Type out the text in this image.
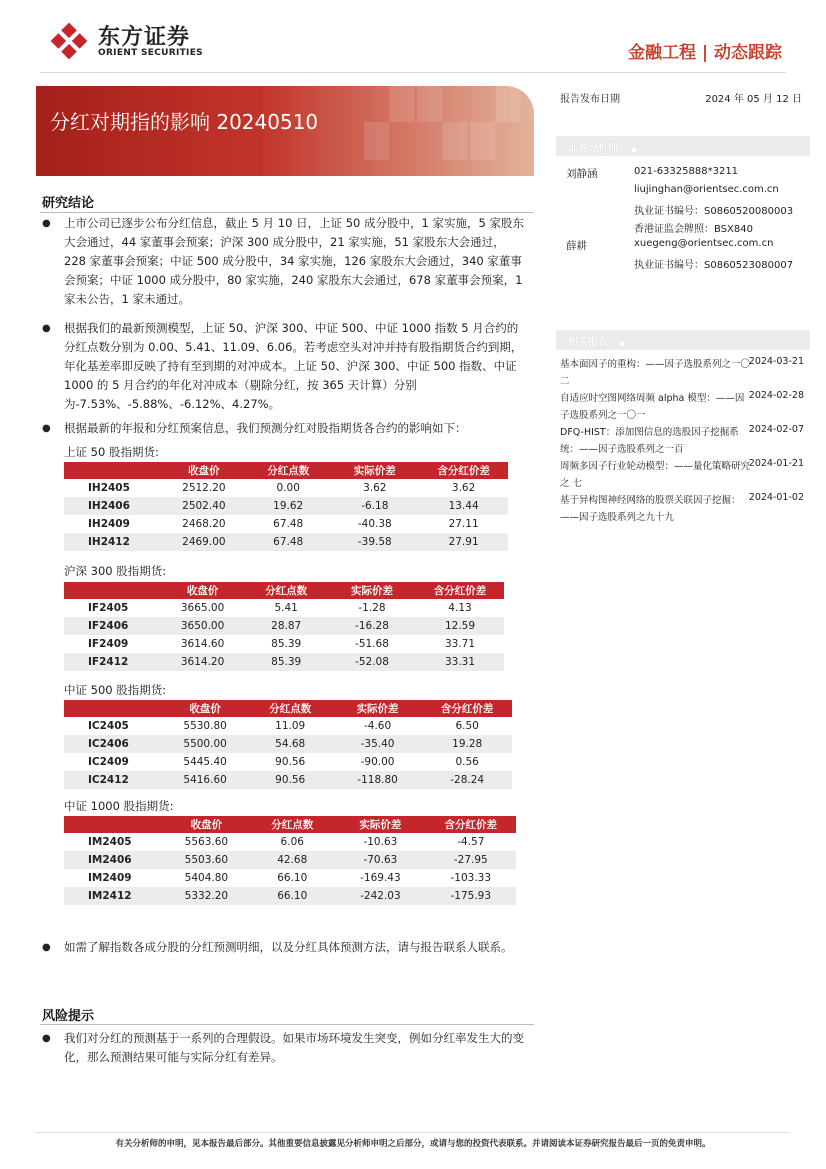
东方证券
ORIENT SECURITIES	金融工程 | 动态跟踪
▞▚▞
分红对期指的影响 20240510
报告发布日期	2024 年 05 月 12 日
证券分析师
刘静涵	021-63325888*3211
liujinghan@orientsec.com.cn
执业证书编号：S0860520080003
香港证监会牌照：BSX840
薛耕	xuegeng@orientsec.com.cn
执业证书编号：S0860523080007
相关报告
基本面因子的重构：——因子选股系列之一〇二
2024-03-21
自适应时空图网络周频 alpha 模型：——因子选股系列之一〇一
2024-02-28
DFQ-HIST：添加图信息的选股因子挖掘系统：——因子选股系列之一百
2024-02-07
周频多因子行业轮动模型：——量化策略研究之 七
2024-01-21
基于异构图神经网络的股票关联因子挖掘：——因子选股系列之九十九
2024-01-02
研究结论
● 上市公司已逐步公布分红信息，截止 5 月 10 日，上证 50 成分股中，1 家实施，5 家股东大会通过，44 家董事会预案；沪深 300 成分股中，21 家实施，51 家股东大会通过，228 家董事会预案；中证 500 成分股中，34 家实施，126 家股东大会通过，340 家董事会预案；中证 1000 成分股中，80 家实施，240 家股东大会通过，678 家董事会预案，1 家未公告，1 家未通过。
● 根据我们的最新预测模型，上证 50、沪深 300、中证 500、中证 1000 指数 5 月合约的分红点数分别为 0.00、5.41、11.09、6.06。若考虑空头对冲并持有股指期货合约到期，年化基差率即反映了持有至到期的对冲成本。上证 50、沪深 300、中证 500 指数、中证 1000 的 5 月合约的年化对冲成本（剔除分红，按 365 天计算）分别为-7.53%、-5.88%、-6.12%、4.27%。
● 根据最新的年报和分红预案信息，我们预测分红对股指期货各合约的影响如下：
上证 50 股指期货:
	收盘价	分红点数	实际价差	含分红价差
IH2405	2512.20	0.00	3.62	3.62
IH2406	2502.40	19.62	-6.18	13.44
IH2409	2468.20	67.48	-40.38	27.11
IH2412	2469.00	67.48	-39.58	27.91
沪深 300 股指期货:
	收盘价	分红点数	实际价差	含分红价差
IF2405	3665.00	5.41	-1.28	4.13
IF2406	3650.00	28.87	-16.28	12.59
IF2409	3614.60	85.39	-51.68	33.71
IF2412	3614.20	85.39	-52.08	33.31
中证 500 股指期货:
	收盘价	分红点数	实际价差	含分红价差
IC2405	5530.80	11.09	-4.60	6.50
IC2406	5500.00	54.68	-35.40	19.28
IC2409	5445.40	90.56	-90.00	0.56
IC2412	5416.60	90.56	-118.80	-28.24
中证 1000 股指期货:
	收盘价	分红点数	实际价差	含分红价差
IM2405	5563.60	6.06	-10.63	-4.57
IM2406	5503.60	42.68	-70.63	-27.95
IM2409	5404.80	66.10	-169.43	-103.33
IM2412	5332.20	66.10	-242.03	-175.93
● 如需了解指数各成分股的分红预测明细，以及分红具体预测方法，请与报告联系人联系。
风险提示
● 我们对分红的预测基于一系列的合理假设。如果市场环境发生突变，例如分红率发生大的变化，那么预测结果可能与实际分红有差异。
有关分析师的申明，见本报告最后部分。其他重要信息披露见分析师申明之后部分，或请与您的投资代表联系。并请阅读本证券研究报告最后一页的免责申明。
